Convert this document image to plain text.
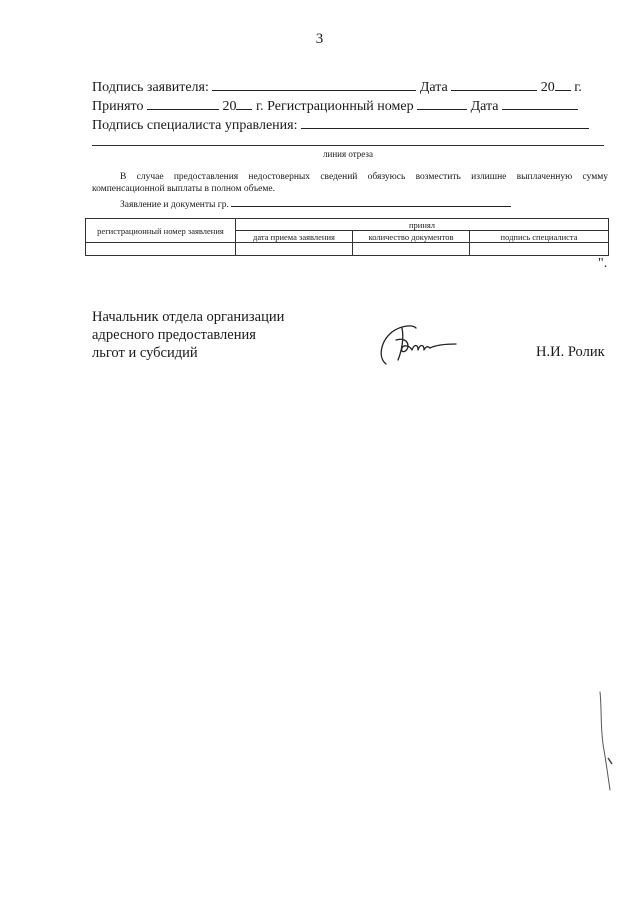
3
Подпись заявителя:	Дата	20 г.
Принято	20 г. Регистрационный номер	Дата
Подпись специалиста управления:
линия отреза
В случае предоставления недостоверных сведений обязуюсь возместить излишне выплаченную сумму компенсационной выплаты в полном объеме.
Заявление и документы гр.
регистрационный номер заявления	принял		
	дата приема заявления	количество документов	подпись специалиста

".
Начальник отдела организации
адресного предоставления
льгот и субсидий	Н.И. Ролик
